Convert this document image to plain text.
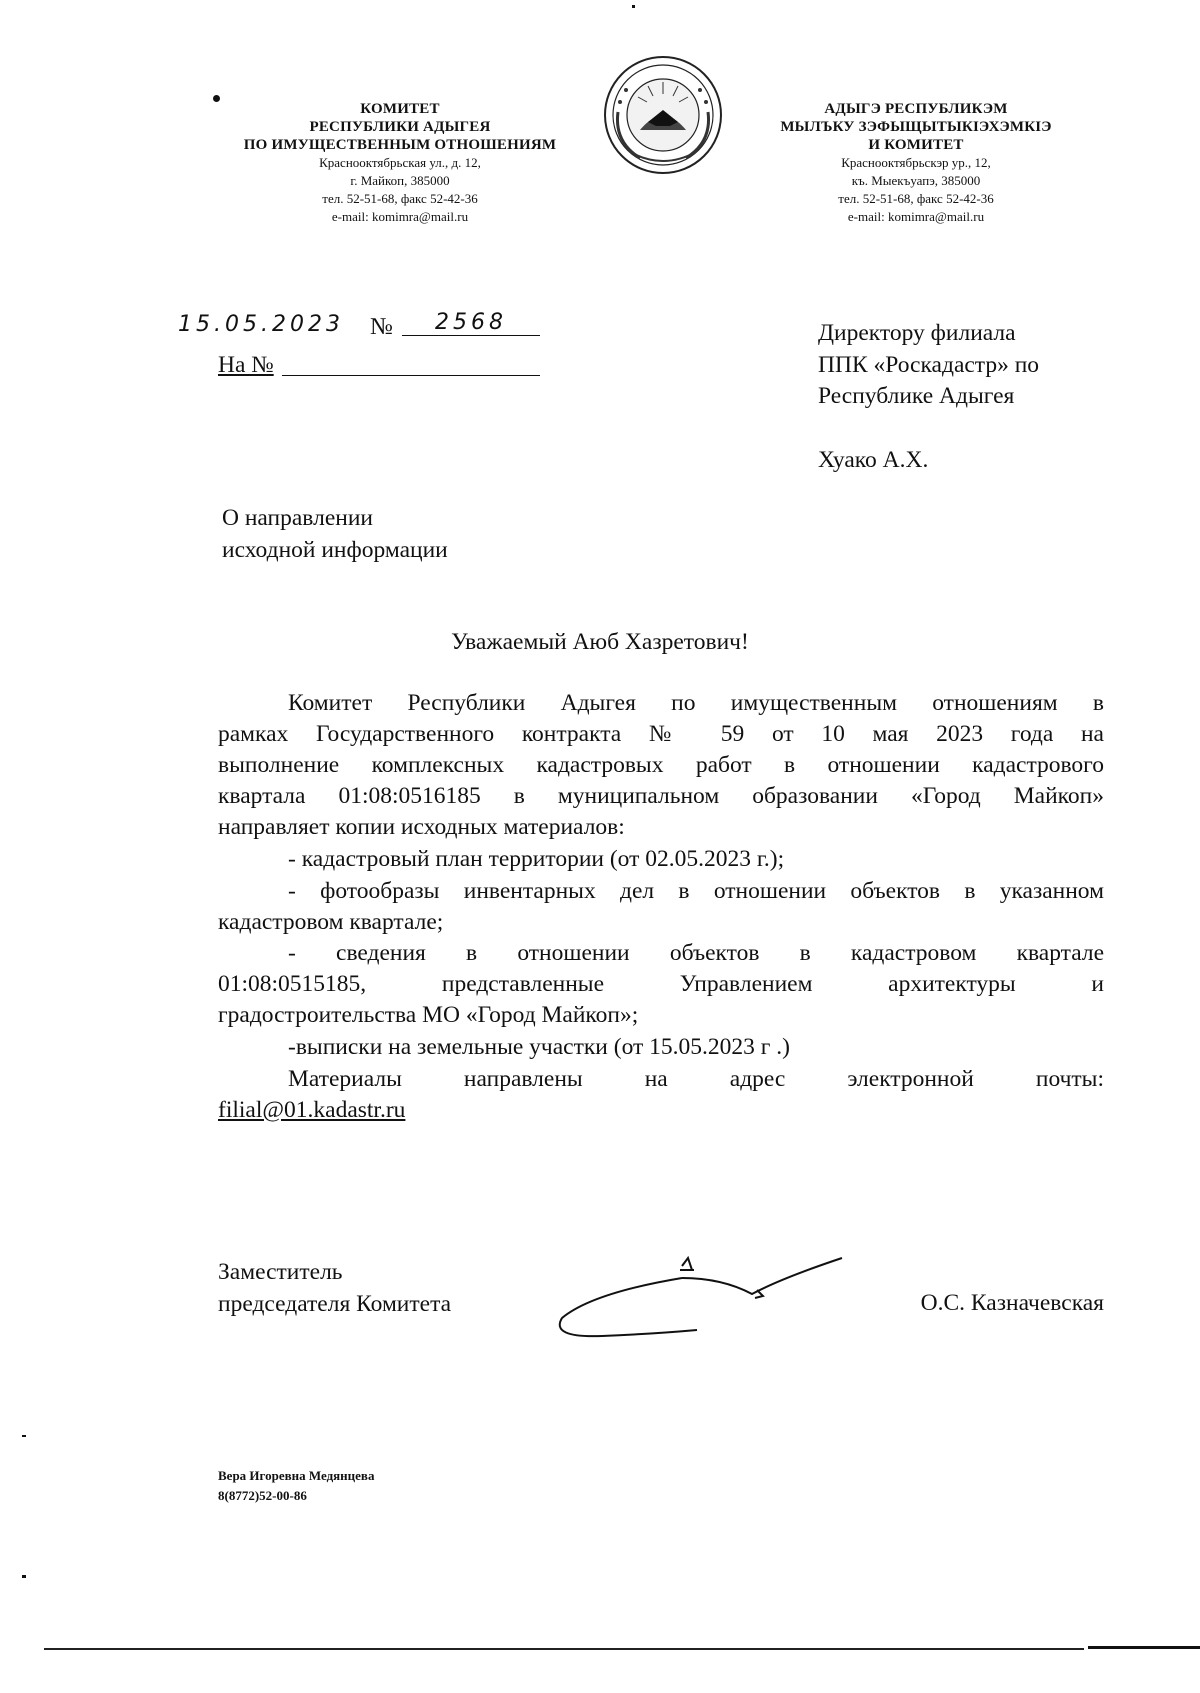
КОМИТЕТ
РЕСПУБЛИКИ АДЫГЕЯ
ПО ИМУЩЕСТВЕННЫМ ОТНОШЕНИЯМ
Краснооктябрьская ул., д. 12,
г. Майкоп, 385000
тел. 52-51-68, факс 52-42-36
e-mail: komimra@mail.ru
АДЫГЭ РЕСПУБЛИКЭМ
МЫЛЪКУ ЗЭФЫЩЫТЫКIЭХЭМКIЭ
И КОМИТЕТ
Краснооктябрьскэр ур., 12,
къ. Мыекъуапэ, 385000
тел. 52-51-68, факс 52-42-36
e-mail: komimra@mail.ru
15.05.2023 №	2568
На №
Директору филиала
ППК «Роскадастр» по
Республике Адыгея
Хуако А.Х.
О направлении
исходной информации
Уважаемый Аюб Хазретович!
Комитет Республики Адыгея по имущественным отношениям в
рамках Государственного контракта № 59 от 10 мая 2023 года на
выполнение комплексных кадастровых работ в отношении кадастрового
квартала 01:08:0516185 в муниципальном образовании «Город Майкоп»
направляет копии исходных материалов:
- кадастровый план территории (от 02.05.2023 г.);
- фотообразы инвентарных дел в отношении объектов в указанном
кадастровом квартале;
- сведения в отношении объектов в кадастровом квартале
01:08:0515185, представленные Управлением архитектуры и
градостроительства МО «Город Майкоп»;
-выписки на земельные участки (от 15.05.2023 г .)
Материалы направлены на адрес электронной почты:
filial@01.kadastr.ru
Заместитель
председателя Комитета	О.С. Казначевская
Вера Игоревна Медянцева
8(8772)52-00-86
